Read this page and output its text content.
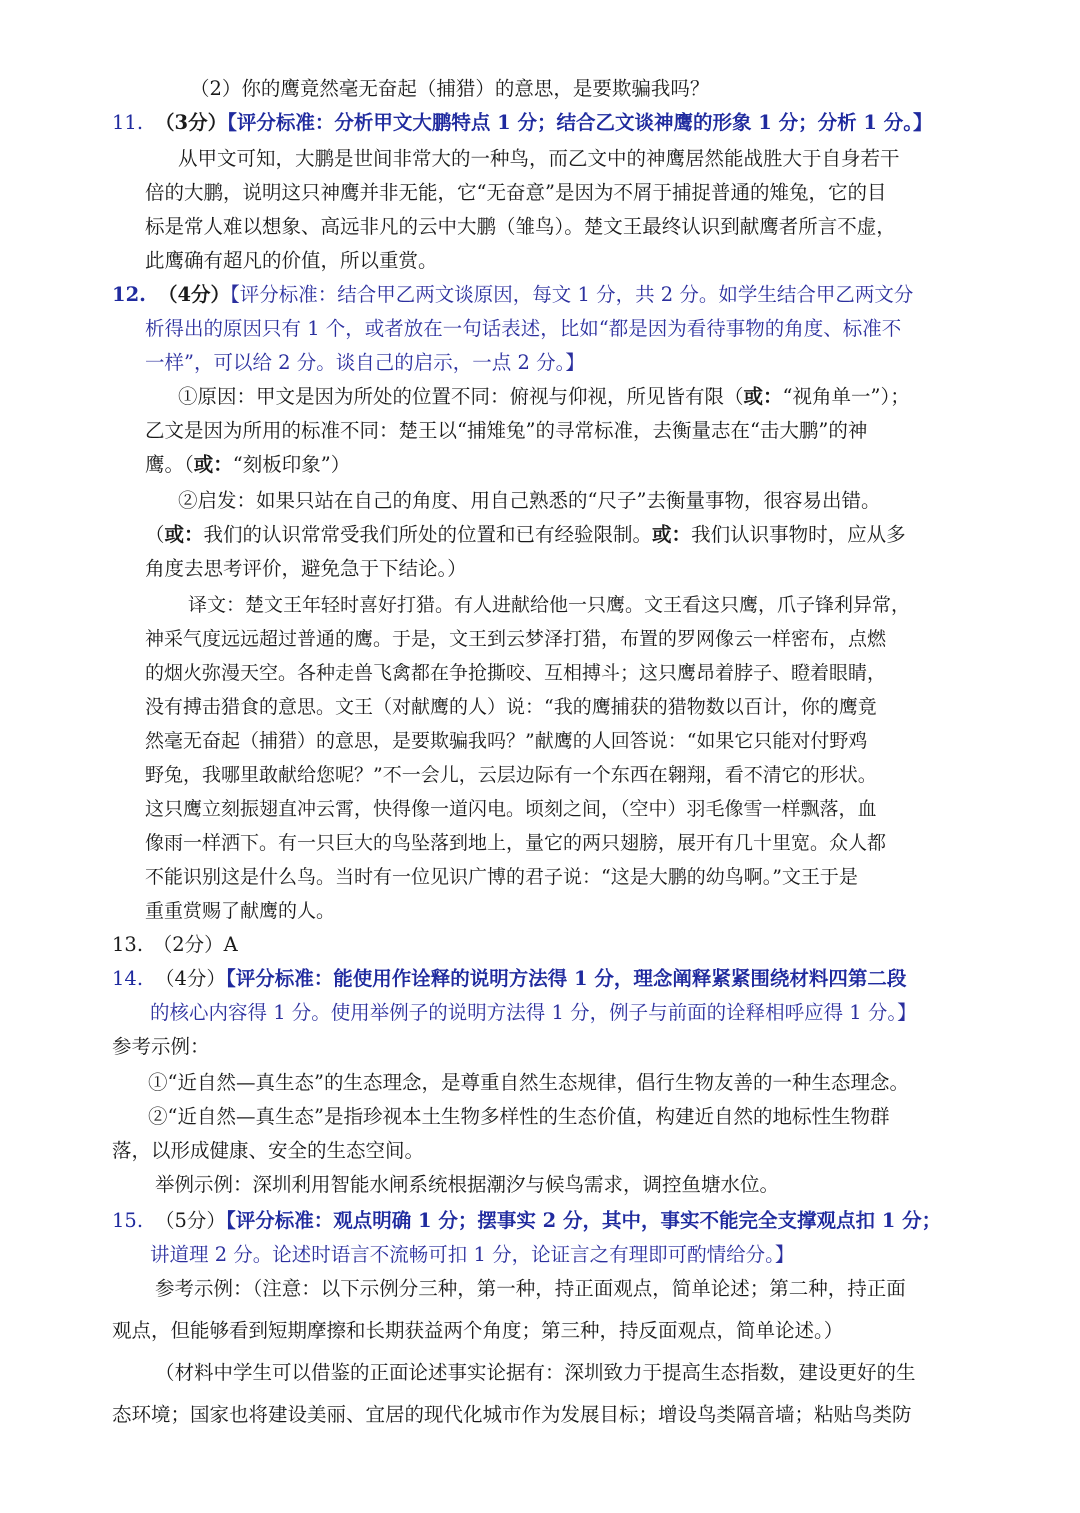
（2）你的鹰竟然毫无奋起（捕猎）的意思，是要欺骗我吗？
11. （3分）【评分标准：分析甲文大鹏特点 1 分；结合乙文谈神鹰的形象 1 分；分析 1 分。】
从甲文可知，大鹏是世间非常大的一种鸟，而乙文中的神鹰居然能战胜大于自身若干
倍的大鹏，说明这只神鹰并非无能，它“无奋意”是因为不屑于捕捉普通的雉兔，它的目
标是常人难以想象、高远非凡的云中大鹏（雏鸟）。楚文王最终认识到献鹰者所言不虚，
此鹰确有超凡的价值，所以重赏。
12. （4分）【评分标准：结合甲乙两文谈原因，每文 1 分，共 2 分。如学生结合甲乙两文分
析得出的原因只有 1 个，或者放在一句话表述，比如“都是因为看待事物的角度、标准不
一样”，可以给 2 分。谈自己的启示，一点 2 分。】
①原因：甲文是因为所处的位置不同：俯视与仰视，所见皆有限（或：“视角单一”）；
乙文是因为所用的标准不同：楚王以“捕雉兔”的寻常标准，去衡量志在“击大鹏”的神
鹰。（或：“刻板印象”）
②启发：如果只站在自己的角度、用自己熟悉的“尺子”去衡量事物，很容易出错。
（或：我们的认识常常受我们所处的位置和已有经验限制。或：我们认识事物时，应从多
角度去思考评价，避免急于下结论。）
译文：楚文王年轻时喜好打猎。有人进献给他一只鹰。文王看这只鹰，爪子锋利异常，
神采气度远远超过普通的鹰。于是，文王到云梦泽打猎，布置的罗网像云一样密布，点燃
的烟火弥漫天空。各种走兽飞禽都在争抢撕咬、互相搏斗；这只鹰昂着脖子、瞪着眼睛，
没有搏击猎食的意思。文王（对献鹰的人）说：“我的鹰捕获的猎物数以百计，你的鹰竟
然毫无奋起（捕猎）的意思，是要欺骗我吗？”献鹰的人回答说：“如果它只能对付野鸡
野兔，我哪里敢献给您呢？”不一会儿，云层边际有一个东西在翱翔，看不清它的形状。
这只鹰立刻振翅直冲云霄，快得像一道闪电。顷刻之间，（空中）羽毛像雪一样飘落，血
像雨一样洒下。有一只巨大的鸟坠落到地上，量它的两只翅膀，展开有几十里宽。众人都
不能识别这是什么鸟。当时有一位见识广博的君子说：“这是大鹏的幼鸟啊。”文王于是
重重赏赐了献鹰的人。
13.　（2分）A
14. （4分）【评分标准：能使用作诠释的说明方法得 1 分，理念阐释紧紧围绕材料四第二段
的核心内容得 1 分。使用举例子的说明方法得 1 分，例子与前面的诠释相呼应得 1 分。】
参考示例：
①“近自然—真生态”的生态理念，是尊重自然生态规律，倡行生物友善的一种生态理念。
②“近自然—真生态”是指珍视本土生物多样性的生态价值，构建近自然的地标性生物群
落，以形成健康、安全的生态空间。
举例示例：深圳利用智能水闸系统根据潮汐与候鸟需求，调控鱼塘水位。
15. （5分）【评分标准：观点明确 1 分；摆事实 2 分，其中，事实不能完全支撑观点扣 1 分；
讲道理 2 分。论述时语言不流畅可扣 1 分，论证言之有理即可酌情给分。】
参考示例：（注意：以下示例分三种，第一种，持正面观点，简单论述；第二种，持正面
观点，但能够看到短期摩擦和长期获益两个角度；第三种，持反面观点，简单论述。）
（材料中学生可以借鉴的正面论述事实论据有：深圳致力于提高生态指数，建设更好的生
态环境；国家也将建设美丽、宜居的现代化城市作为发展目标；增设鸟类隔音墙；粘贴鸟类防
